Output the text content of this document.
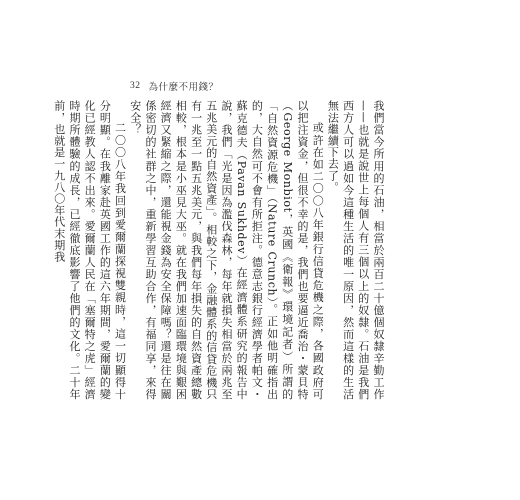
32 為什麼不用錢？

我們當今所用的石油，相當於兩百二十億個奴隸辛勤工作——也就是說世上每個人有三個以上的奴隸。石油是我們西方人可以過如今這種生活的唯一原因，然而這樣的生活無法繼續下去了。

或許在如二〇〇八年銀行信貸危機之際，各國政府可以把注資金，但很不幸的是，我們也要逼近喬治・蒙貝特（George Monbiot，英國《衛報》環境記者）所謂的「自然資源危機」（Nature Crunch）。正如他明確指出的，大自然可不會有所拒注。德意志銀行經濟學者帕文・蘇克德夫（Pavan Sukhdev）在經濟體系研究的報告中說，我們「光是因為濫伐森林，每年就損失相當於兩兆至五兆美元的自然資產」。相較之下，金融體系的信貸危機只有一兆至一點五兆美元，與我們每年損失的自然資產總數相較，根本是小巫見大巫。就在我們加速面臨環境與艱困經濟又緊縮之際，還能視金錢為安全保障嗎？還是往在關係密切的社群之中，重新學習互助合作，有福同享，來得安全？

二〇〇八年我回到愛爾蘭探視雙親時，這一切顯得十分明顯。在我離家赴英國工作的這六年期間，愛爾蘭的變化已經教人認不出來。愛爾蘭人民在「塞爾特之虎」經濟時期所體驗的成長，已經徹底影響了他們的文化。二十年前，也就是一九八〇年代末期我
